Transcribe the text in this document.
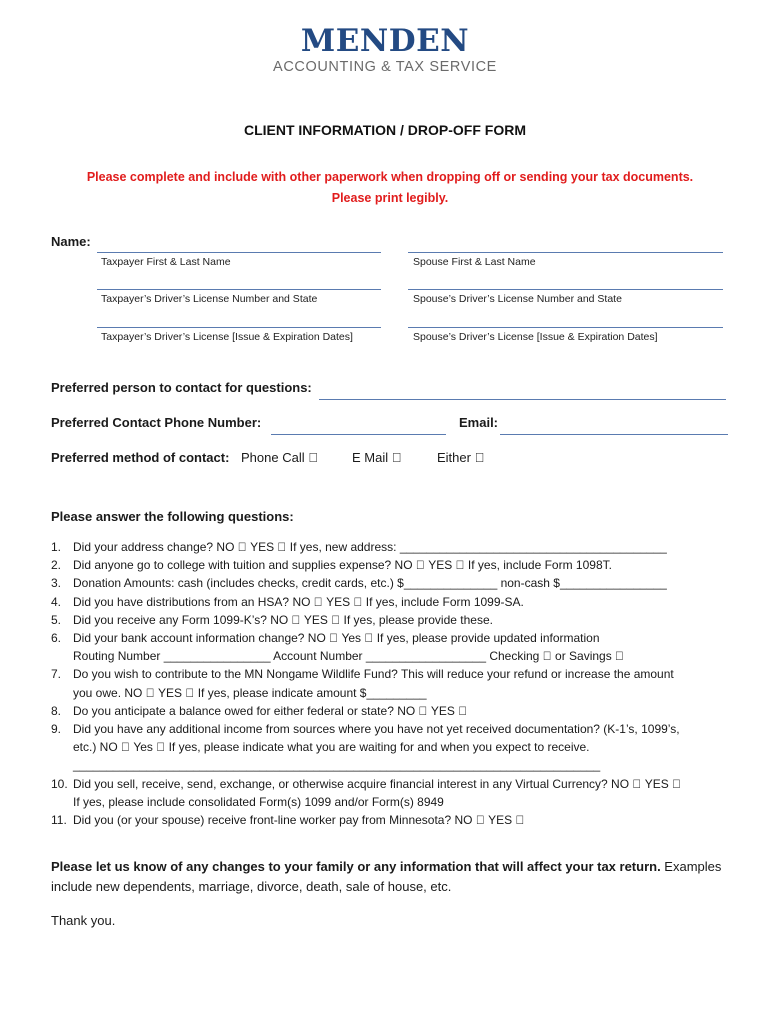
MENDEN
ACCOUNTING & TAX SERVICE
CLIENT INFORMATION / DROP-OFF FORM
Please complete and include with other paperwork when dropping off or sending your tax documents.
Please print legibly.
Name:
Taxpayer First & Last Name	Spouse First & Last Name
Taxpayer’s Driver’s License Number and State	Spouse’s Driver’s License Number and State
Taxpayer’s Driver’s License [Issue & Expiration Dates]	Spouse’s Driver’s License [Issue & Expiration Dates]
Preferred person to contact for questions:
Preferred Contact Phone Number:	Email:
Preferred method of contact: Phone Call	E Mail	Either
Please answer the following questions:
1. Did your address change? NO YES If yes, new address: ________________________________________
2. Did anyone go to college with tuition and supplies expense? NO YES If yes, include Form 1098T.
3. Donation Amounts: cash (includes checks, credit cards, etc.) $______________ non-cash $________________
4. Did you have distributions from an HSA? NO YES If yes, include Form 1099-SA.
5. Did you receive any Form 1099-K’s? NO YES If yes, please provide these.
6. Did your bank account information change? NO Yes If yes, please provide updated information
Routing Number ________________ Account Number __________________ Checking or Savings
7. Do you wish to contribute to the MN Nongame Wildlife Fund? This will reduce your refund or increase the amount
you owe. NO YES If yes, please indicate amount $_________
8. Do you anticipate a balance owed for either federal or state? NO YES
9. Did you have any additional income from sources where you have not yet received documentation? (K-1’s, 1099’s,
etc.) NO Yes If yes, please indicate what you are waiting for and when you expect to receive.
_______________________________________________________________________________
10. Did you sell, receive, send, exchange, or otherwise acquire financial interest in any Virtual Currency? NO YES
If yes, please include consolidated Form(s) 1099 and/or Form(s) 8949
11. Did you (or your spouse) receive front-line worker pay from Minnesota? NO YES
Please let us know of any changes to your family or any information that will affect your tax return. Examples include new dependents, marriage, divorce, death, sale of house, etc.
Thank you.
